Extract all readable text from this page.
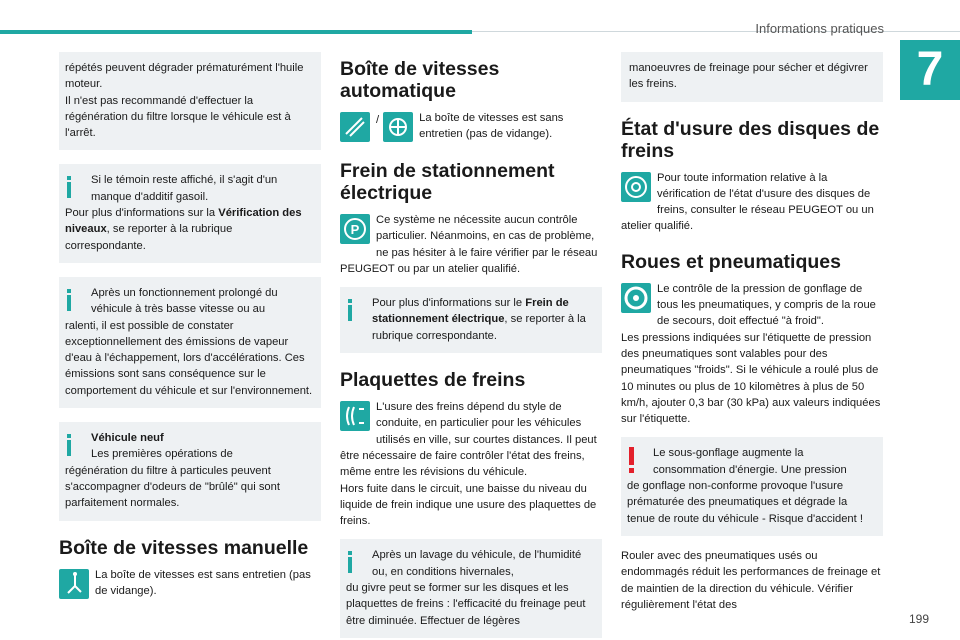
Informations pratiques
7
répétés peuvent dégrader prématurément l'huile moteur.
Il n'est pas recommandé d'effectuer la régénération du filtre lorsque le véhicule est à l'arrêt.
Si le témoin reste affiché, il s'agit d'un manque d'additif gasoil.
Pour plus d'informations sur la Vérification des niveaux, se reporter à la rubrique correspondante.
Après un fonctionnement prolongé du véhicule à très basse vitesse ou au
ralenti, il est possible de constater exceptionnellement des émissions de vapeur d'eau à l'échappement, lors d'accélérations. Ces émissions sont sans conséquence sur le comportement du véhicule et sur l'environnement.
Véhicule neuf
Les premières opérations de
régénération du filtre à particules peuvent s'accompagner d'odeurs de "brûlé" qui sont parfaitement normales.
Boîte de vitesses manuelle
La boîte de vitesses est sans entretien (pas de vidange).
Boîte de vitesses automatique
/	La boîte de vitesses est sans entretien (pas de vidange).
Frein de stationnement électrique
P
Ce système ne nécessite aucun contrôle particulier. Néanmoins, en cas de problème, ne pas hésiter à le faire vérifier par le réseau PEUGEOT ou par un atelier qualifié.
Pour plus d'informations sur le Frein de stationnement électrique, se reporter à la rubrique correspondante.
Plaquettes de freins
L'usure des freins dépend du style de conduite, en particulier pour les véhicules utilisés en ville, sur courtes distances. Il peut être nécessaire de faire contrôler l'état des freins, même entre les révisions du véhicule.
Hors fuite dans le circuit, une baisse du niveau du liquide de frein indique une usure des plaquettes de freins.
Après un lavage du véhicule, de l'humidité ou, en conditions hivernales,
du givre peut se former sur les disques et les plaquettes de freins : l'efficacité du freinage peut être diminuée. Effectuer de légères
manoeuvres de freinage pour sécher et dégivrer les freins.
État d'usure des disques de freins
Pour toute information relative à la vérification de l'état d'usure des disques de freins, consulter le réseau PEUGEOT ou un atelier qualifié.
Roues et pneumatiques
Le contrôle de la pression de gonflage de tous les pneumatiques, y compris de la roue de secours, doit effectué "à froid".
Les pressions indiquées sur l'étiquette de pression des pneumatiques sont valables pour des pneumatiques "froids". Si le véhicule a roulé plus de 10 minutes ou plus de 10 kilomètres à plus de 50 km/h, ajouter 0,3 bar (30 kPa) aux valeurs indiquées sur l'étiquette.
Le sous-gonflage augmente la consommation d'énergie. Une pression
de gonflage non-conforme provoque l'usure prématurée des pneumatiques et dégrade la tenue de route du véhicule - Risque d'accident !
Rouler avec des pneumatiques usés ou endommagés réduit les performances de freinage et de maintien de la direction du véhicule. Vérifier régulièrement l'état des
199
